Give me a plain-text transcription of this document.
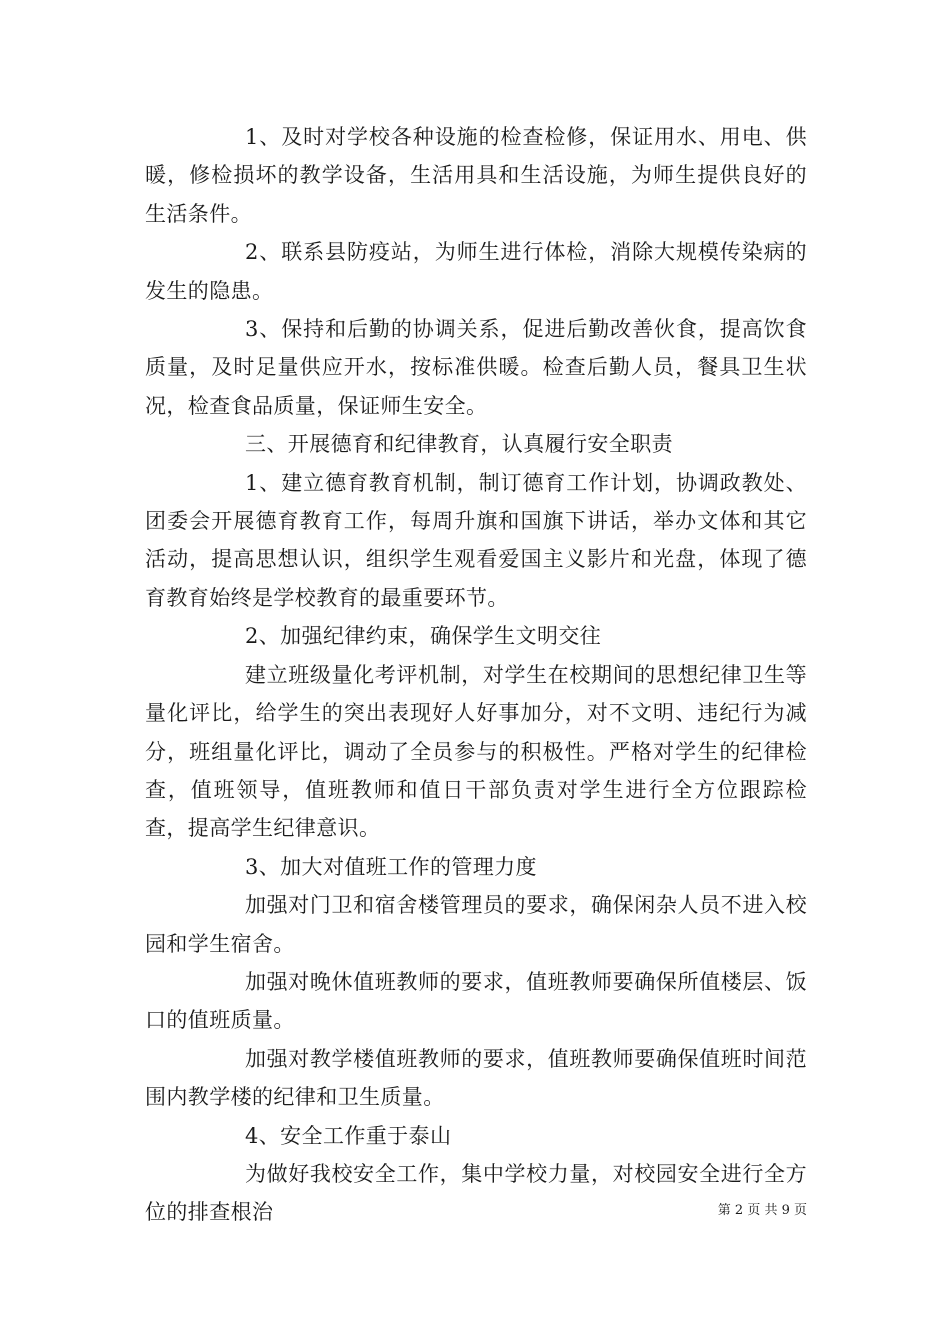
1、及时对学校各种设施的检查检修，保证用水、用电、供暖，修检损坏的教学设备，生活用具和生活设施，为师生提供良好的生活条件。

2、联系县防疫站，为师生进行体检，消除大规模传染病的发生的隐患。

3、保持和后勤的协调关系，促进后勤改善伙食，提高饮食质量，及时足量供应开水，按标准供暖。检查后勤人员，餐具卫生状况，检查食品质量，保证师生安全。

三、开展德育和纪律教育，认真履行安全职责

1、建立德育教育机制，制订德育工作计划，协调政教处、团委会开展德育教育工作，每周升旗和国旗下讲话，举办文体和其它活动，提高思想认识，组织学生观看爱国主义影片和光盘，体现了德育教育始终是学校教育的最重要环节。

2、加强纪律约束，确保学生文明交往

建立班级量化考评机制，对学生在校期间的思想纪律卫生等量化评比，给学生的突出表现好人好事加分，对不文明、违纪行为减分，班组量化评比，调动了全员参与的积极性。严格对学生的纪律检查，值班领导，值班教师和值日干部负责对学生进行全方位跟踪检查，提高学生纪律意识。

3、加大对值班工作的管理力度

加强对门卫和宿舍楼管理员的要求，确保闲杂人员不进入校园和学生宿舍。

加强对晚休值班教师的要求，值班教师要确保所值楼层、饭口的值班质量。

加强对教学楼值班教师的要求，值班教师要确保值班时间范围内教学楼的纪律和卫生质量。

4、安全工作重于泰山

为做好我校安全工作，集中学校力量，对校园安全进行全方位的排查根治	第 2 页 共 9 页
